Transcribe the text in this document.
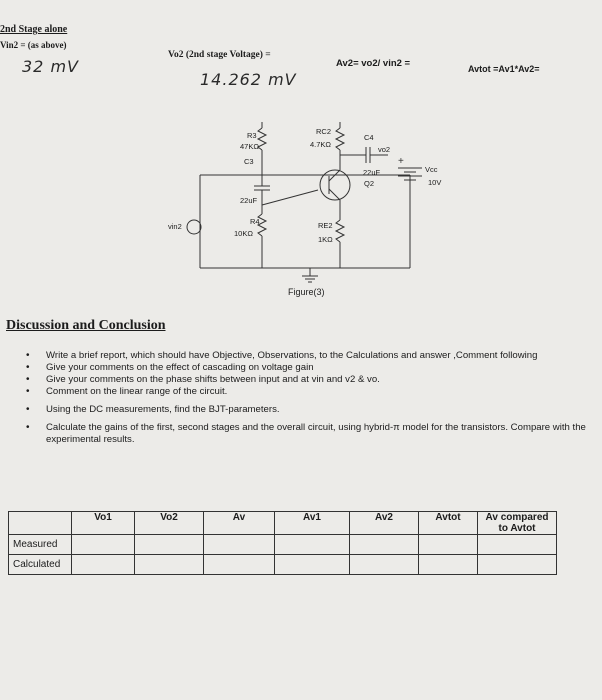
2nd Stage alone
Vin2 = (as above)
32 mV
Vo2 (2nd stage Voltage) =
14.262 mV
Av2= vo2/ vin2 =	Avtot =Av1*Av2=
+
R3
47KΩ
C3
22uF
R4
10KΩ
RC2
4.7KΩ
C4
vo2
22uF
Q2
RE2
1KΩ
Vcc
10V
vin2
Figure(3)
Discussion and Conclusion
• Write a brief report, which should have Objective, Observations, to the Calculations and answer ,Comment following
• Give your comments on the effect of cascading on voltage gain
• Give your comments on the phase shifts between input and at vin and v2 & vo.
• Comment on the linear range of the circuit.
• Using the DC measurements, find the BJT-parameters.
• Calculate the gains of the first, second stages and the overall circuit, using hybrid-π model for the transistors. Compare with the experimental results.
	Vo1	Vo2	Av	Av1	Av2	Avtot	Av compared to Avtot
Measured							
Calculated							
